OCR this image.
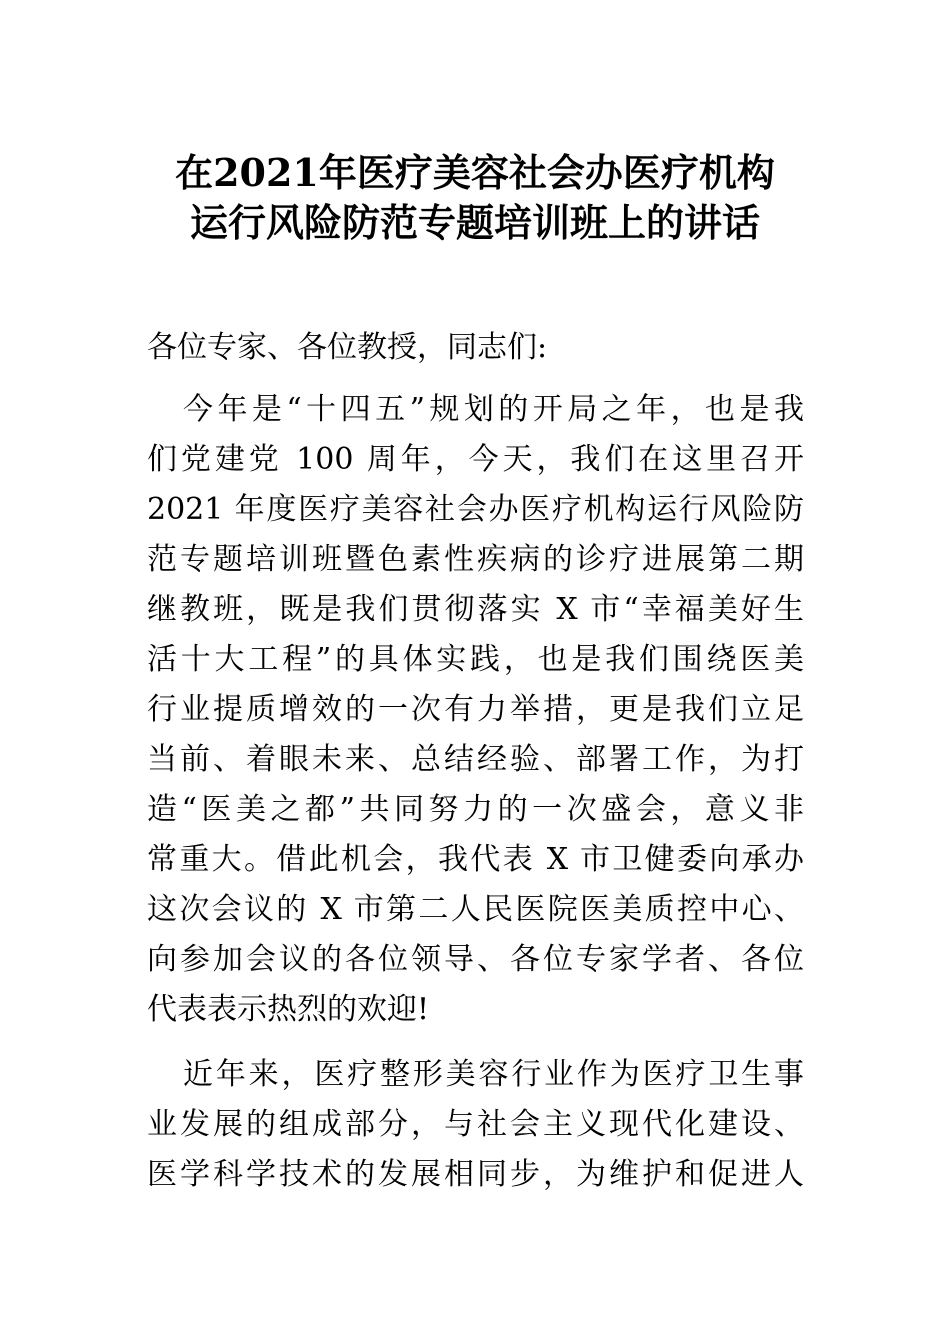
在2021年医疗美容社会办医疗机构
运行风险防范专题培训班上的讲话
各位专家、各位教授，同志们:
今年是“十四五”规划的开局之年，也是我
们党建党 100 周年，今天，我们在这里召开
2021 年度医疗美容社会办医疗机构运行风险防
范专题培训班暨色素性疾病的诊疗进展第二期
继教班，既是我们贯彻落实 X 市“幸福美好生
活十大工程”的具体实践，也是我们围绕医美
行业提质增效的一次有力举措，更是我们立足
当前、着眼未来、总结经验、部署工作，为打
造“医美之都”共同努力的一次盛会，意义非
常重大。借此机会，我代表 X 市卫健委向承办
这次会议的 X 市第二人民医院医美质控中心、
向参加会议的各位领导、各位专家学者、各位
代表表示热烈的欢迎!
近年来，医疗整形美容行业作为医疗卫生事
业发展的组成部分，与社会主义现代化建设、
医学科学技术的发展相同步，为维护和促进人
